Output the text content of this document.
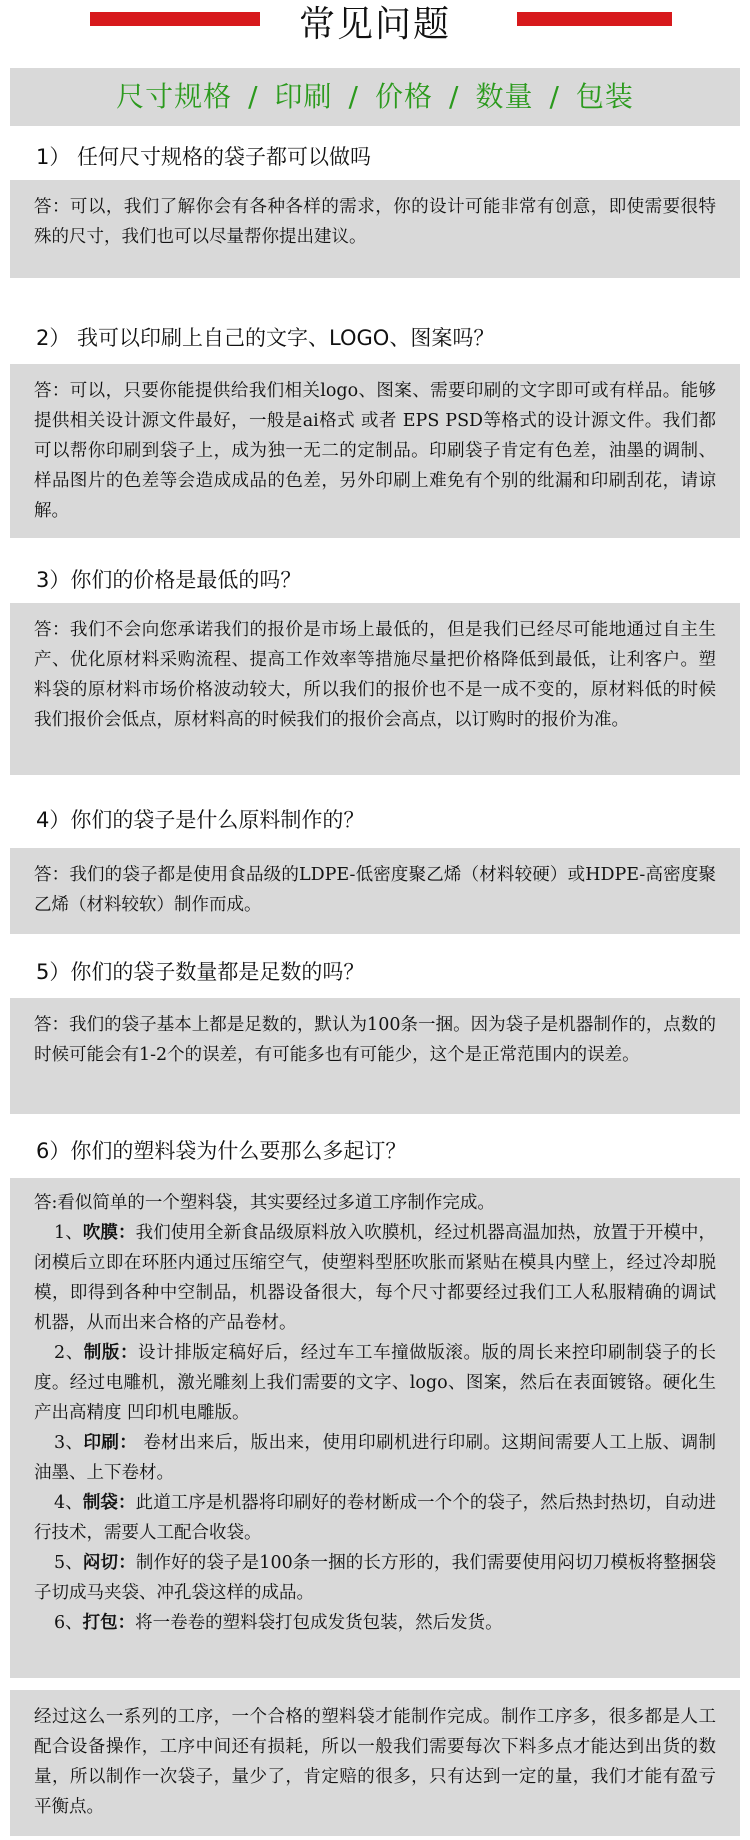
常见问题
尺寸规格 / 印刷 / 价格 / 数量 / 包装
1） 任何尺寸规格的袋子都可以做吗

答：可以，我们了解你会有各种各样的需求，你的设计可能非常有创意，即使需要很特殊的尺寸，我们也可以尽量帮你提出建议。

2） 我可以印刷上自己的文字、LOGO、图案吗？

答：可以，只要你能提供给我们相关logo、图案、需要印刷的文字即可或有样品。能够提供相关设计源文件最好，一般是ai格式 或者 EPS PSD等格式的设计源文件。我们都可以帮你印刷到袋子上，成为独一无二的定制品。印刷袋子肯定有色差，油墨的调制、样品图片的色差等会造成成品的色差，另外印刷上难免有个别的纰漏和印刷刮花，请谅解。

3）你们的价格是最低的吗？

答：我们不会向您承诺我们的报价是市场上最低的，但是我们已经尽可能地通过自主生产、优化原材料采购流程、提高工作效率等措施尽量把价格降低到最低，让利客户。塑料袋的原材料市场价格波动较大，所以我们的报价也不是一成不变的，原材料低的时候我们报价会低点，原材料高的时候我们的报价会高点，以订购时的报价为准。

4）你们的袋子是什么原料制作的？

答：我们的袋子都是使用食品级的LDPE-低密度聚乙烯（材料较硬）或HDPE-高密度聚乙烯（材料较软）制作而成。

5）你们的袋子数量都是足数的吗？

答：我们的袋子基本上都是足数的，默认为100条一捆。因为袋子是机器制作的，点数的时候可能会有1-2个的误差，有可能多也有可能少，这个是正常范围内的误差。

6）你们的塑料袋为什么要那么多起订？

答:看似简单的一个塑料袋，其实要经过多道工序制作完成。

1、吹膜：我们使用全新食品级原料放入吹膜机，经过机器高温加热，放置于开模中，闭模后立即在环胚内通过压缩空气，使塑料型胚吹胀而紧贴在模具内壁上，经过冷却脱模，即得到各种中空制品，机器设备很大，每个尺寸都要经过我们工人私服精确的调试机器，从而出来合格的产品卷材。

2、制版：设计排版定稿好后，经过车工车撞做版滚。版的周长来控印刷制袋子的长度。经过电雕机，激光雕刻上我们需要的文字、logo、图案，然后在表面镀铬。硬化生产出高精度 凹印机电雕版。

3、印刷： 卷材出来后，版出来，使用印刷机进行印刷。这期间需要人工上版、调制油墨、上下卷材。

4、制袋：此道工序是机器将印刷好的卷材断成一个个的袋子，然后热封热切，自动进行技术，需要人工配合收袋。

5、闷切：制作好的袋子是100条一捆的长方形的，我们需要使用闷切刀模板将整捆袋子切成马夹袋、冲孔袋这样的成品。

6、打包：将一卷卷的塑料袋打包成发货包装，然后发货。

经过这么一系列的工序，一个合格的塑料袋才能制作完成。制作工序多，很多都是人工配合设备操作，工序中间还有损耗，所以一般我们需要每次下料多点才能达到出货的数量，所以制作一次袋子，量少了，肯定赔的很多，只有达到一定的量，我们才能有盈亏平衡点。
